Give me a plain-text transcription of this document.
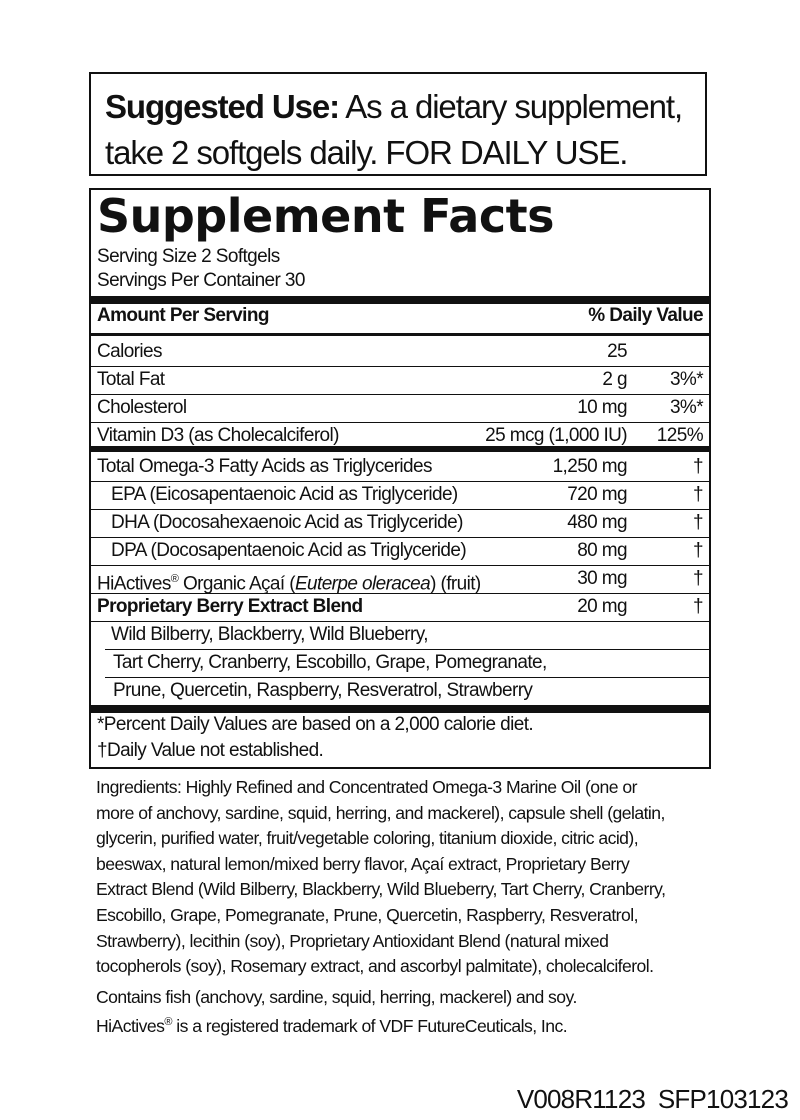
Suggested Use: As a dietary supplement,
take 2 softgels daily. FOR DAILY USE.
Supplement Facts
Serving Size 2 Softgels
Servings Per Container 30
Amount Per Serving	% Daily Value
Calories	25
Total Fat	2 g 3%*
Cholesterol	10 mg 3%*
Vitamin D3 (as Cholecalciferol)	25 mcg (1,000 IU) 125%
Total Omega-3 Fatty Acids as Triglycerides	1,250 mg	†
EPA (Eicosapentaenoic Acid as Triglyceride)	720 mg	†
DHA (Docosahexaenoic Acid as Triglyceride)	480 mg	†
DPA (Docosapentaenoic Acid as Triglyceride)	80 mg	†
HiActives® Organic Açaí (Euterpe oleracea) (fruit)	30 mg	†
Proprietary Berry Extract Blend	20 mg	†
Wild Bilberry, Blackberry, Wild Blueberry,
Tart Cherry, Cranberry, Escobillo, Grape, Pomegranate,
Prune, Quercetin, Raspberry, Resveratrol, Strawberry
*Percent Daily Values are based on a 2,000 calorie diet.
†Daily Value not established.
Ingredients: Highly Refined and Concentrated Omega-3 Marine Oil (one or
more of anchovy, sardine, squid, herring, and mackerel), capsule shell (gelatin,
glycerin, purified water, fruit/vegetable coloring, titanium dioxide, citric acid),
beeswax, natural lemon/mixed berry flavor, Açaí extract, Proprietary Berry
Extract Blend (Wild Bilberry, Blackberry, Wild Blueberry, Tart Cherry, Cranberry,
Escobillo, Grape, Pomegranate, Prune, Quercetin, Raspberry, Resveratrol,
Strawberry), lecithin (soy), Proprietary Antioxidant Blend (natural mixed
tocopherols (soy), Rosemary extract, and ascorbyl palmitate), cholecalciferol.
Contains fish (anchovy, sardine, squid, herring, mackerel) and soy.
HiActives® is a registered trademark of VDF FutureCeuticals, Inc.
V008R1123  SFP103123
